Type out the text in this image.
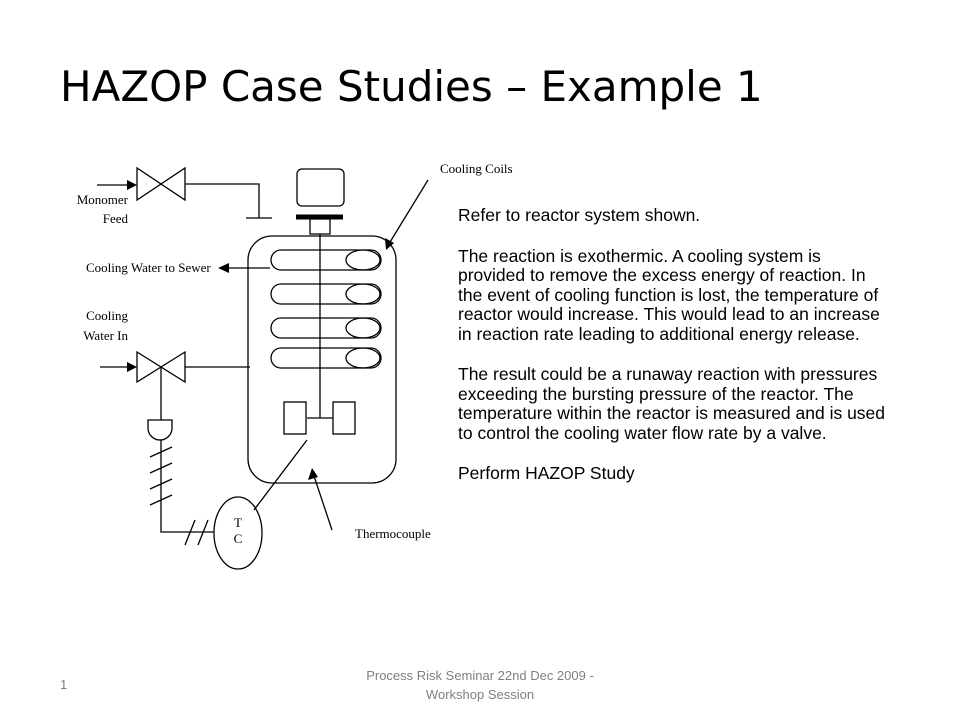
HAZOP Case Studies – Example 1
Cooling Coils
Monomer
Feed
Cooling Water to Sewer
Cooling
Water In
Thermocouple
T
C

Refer to reactor system shown.

The reaction is exothermic. A cooling system is provided to remove the excess energy of reaction. In the event of cooling function is lost, the temperature of reactor would increase. This would lead to an increase in reaction rate leading to additional energy release.

The result could be a runaway reaction with pressures exceeding the bursting pressure of the reactor. The temperature within the reactor is measured and is used to control the cooling water flow rate by a valve.

Perform HAZOP Study

1
Process Risk Seminar 22nd Dec 2009 - Workshop Session
